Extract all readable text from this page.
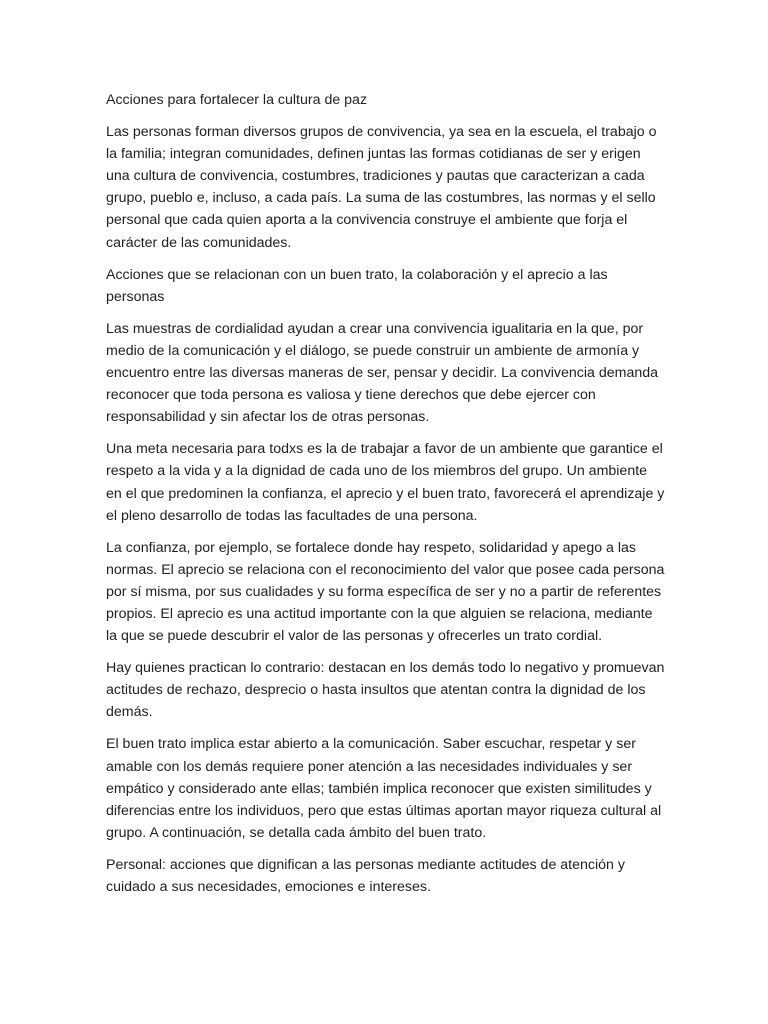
Acciones para fortalecer la cultura de paz

Las personas forman diversos grupos de convivencia, ya sea en la escuela, el trabajo o la familia; integran comunidades, definen juntas las formas cotidianas de ser y erigen una cultura de convivencia, costumbres, tradiciones y pautas que caracterizan a cada grupo, pueblo e, incluso, a cada país. La suma de las costumbres, las normas y el sello personal que cada quien aporta a la convivencia construye el ambiente que forja el carácter de las comunidades.

Acciones que se relacionan con un buen trato, la colaboración y el aprecio a las personas

Las muestras de cordialidad ayudan a crear una convivencia igualitaria en la que, por medio de la comunicación y el diálogo, se puede construir un ambiente de armonía y encuentro entre las diversas maneras de ser, pensar y decidir. La convivencia demanda reconocer que toda persona es valiosa y tiene derechos que debe ejercer con responsabilidad y sin afectar los de otras personas.

Una meta necesaria para todxs es la de trabajar a favor de un ambiente que garantice el respeto a la vida y a la dignidad de cada uno de los miembros del grupo. Un ambiente en el que predominen la confianza, el aprecio y el buen trato, favorecerá el aprendizaje y el pleno desarrollo de todas las facultades de una persona.

La confianza, por ejemplo, se fortalece donde hay respeto, solidaridad y apego a las normas. El aprecio se relaciona con el reconocimiento del valor que posee cada persona por sí misma, por sus cualidades y su forma específica de ser y no a partir de referentes propios. El aprecio es una actitud importante con la que alguien se relaciona, mediante la que se puede descubrir el valor de las personas y ofrecerles un trato cordial.

Hay quienes practican lo contrario: destacan en los demás todo lo negativo y promuevan actitudes de rechazo, desprecio o hasta insultos que atentan contra la dignidad de los demás.

El buen trato implica estar abierto a la comunicación. Saber escuchar, respetar y ser amable con los demás requiere poner atención a las necesidades individuales y ser empático y considerado ante ellas; también implica reconocer que existen similitudes y diferencias entre los individuos, pero que estas últimas aportan mayor riqueza cultural al grupo. A continuación, se detalla cada ámbito del buen trato.

Personal: acciones que dignifican a las personas mediante actitudes de atención y cuidado a sus necesidades, emociones e intereses.
